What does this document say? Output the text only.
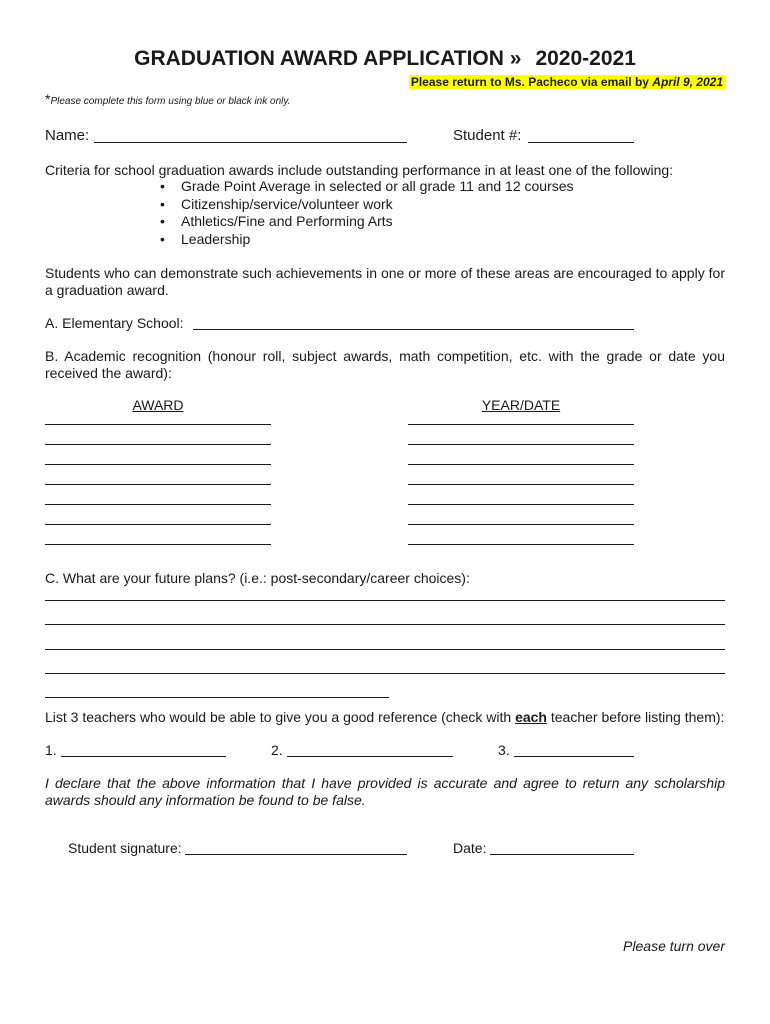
GRADUATION AWARD APPLICATION » 2020-2021
Please return to Ms. Pacheco via email by April 9, 2021
*Please complete this form using blue or black ink only.
Name:	Student #:
Criteria for school graduation awards include outstanding performance in at least one of the following:
• Grade Point Average in selected or all grade 11 and 12 courses
• Citizenship/service/volunteer work
• Athletics/Fine and Performing Arts
• Leadership
Students who can demonstrate such achievements in one or more of these areas are encouraged to apply for a graduation award.
A. Elementary School:
B. Academic recognition (honour roll, subject awards, math competition, etc. with the grade or date you received the award):
AWARD	YEAR/DATE
C. What are your future plans? (i.e.: post-secondary/career choices):
List 3 teachers who would be able to give you a good reference (check with each teacher before listing them):
1.	2.	3.
I declare that the above information that I have provided is accurate and agree to return any scholarship awards should any information be found to be false.
Student signature:	Date:
Please turn over
